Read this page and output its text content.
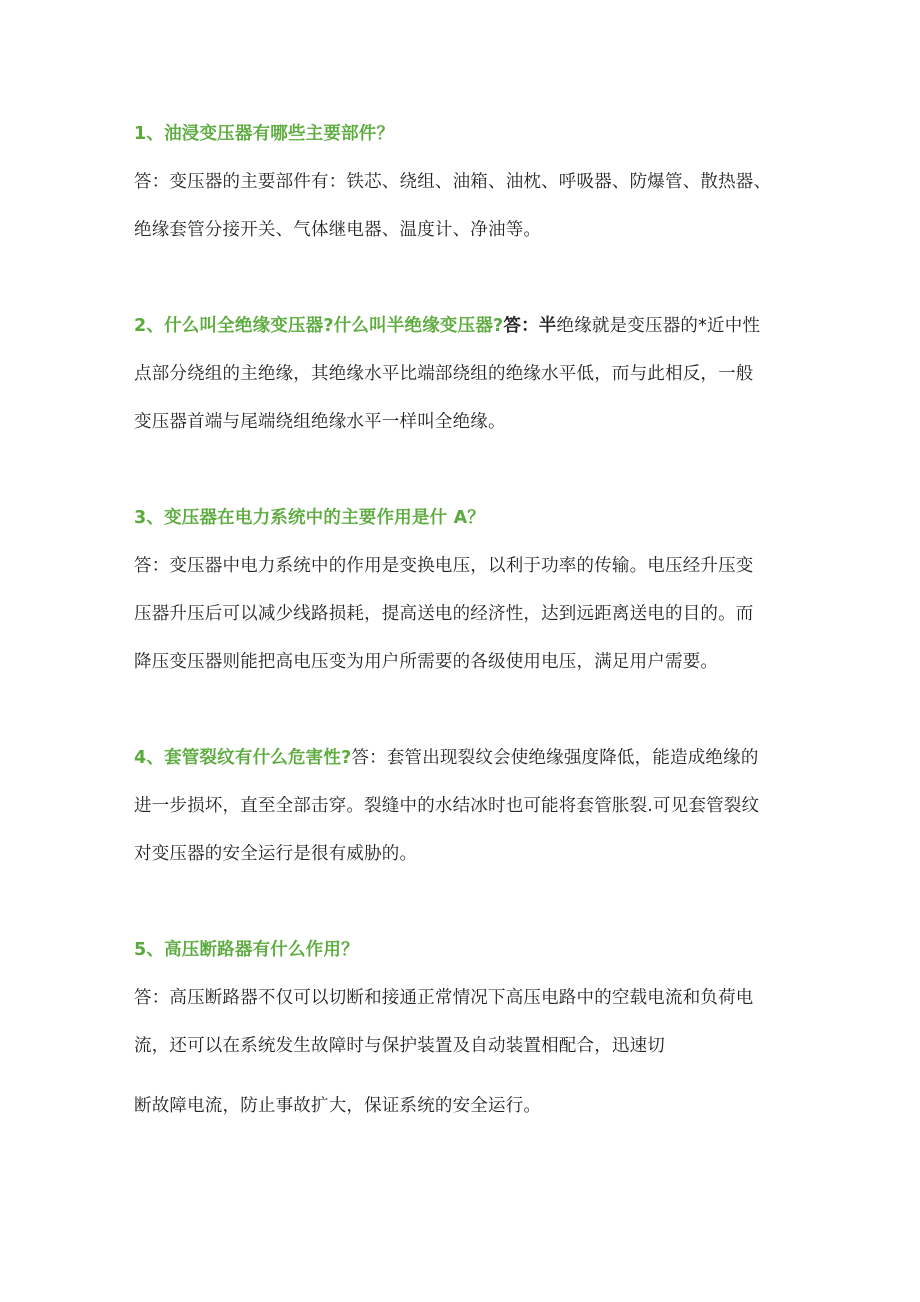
1、油浸变压器有哪些主要部件？
答：变压器的主要部件有：铁芯、绕组、油箱、油枕、呼吸器、防爆管、散热器、
绝缘套管分接开关、气体继电器、温度计、净油等。
2、什么叫全绝缘变压器?什么叫半绝缘变压器?答：半绝缘就是变压器的*近中性
点部分绕组的主绝缘，其绝缘水平比端部绕组的绝缘水平低，而与此相反，一般
变压器首端与尾端绕组绝缘水平一样叫全绝缘。
3、变压器在电力系统中的主要作用是什 A？
答：变压器中电力系统中的作用是变换电压，以利于功率的传输。电压经升压变
压器升压后可以减少线路损耗，提高送电的经济性，达到远距离送电的目的。而
降压变压器则能把高电压变为用户所需要的各级使用电压，满足用户需要。
4、套管裂纹有什么危害性?答：套管出现裂纹会使绝缘强度降低，能造成绝缘的
进一步损坏，直至全部击穿。裂缝中的水结冰时也可能将套管胀裂.可见套管裂纹
对变压器的安全运行是很有威胁的。
5、高压断路器有什么作用？
答：高压断路器不仅可以切断和接通正常情况下高压电路中的空载电流和负荷电
流，还可以在系统发生故障时与保护装置及自动装置相配合，迅速切
断故障电流，防止事故扩大，保证系统的安全运行。
